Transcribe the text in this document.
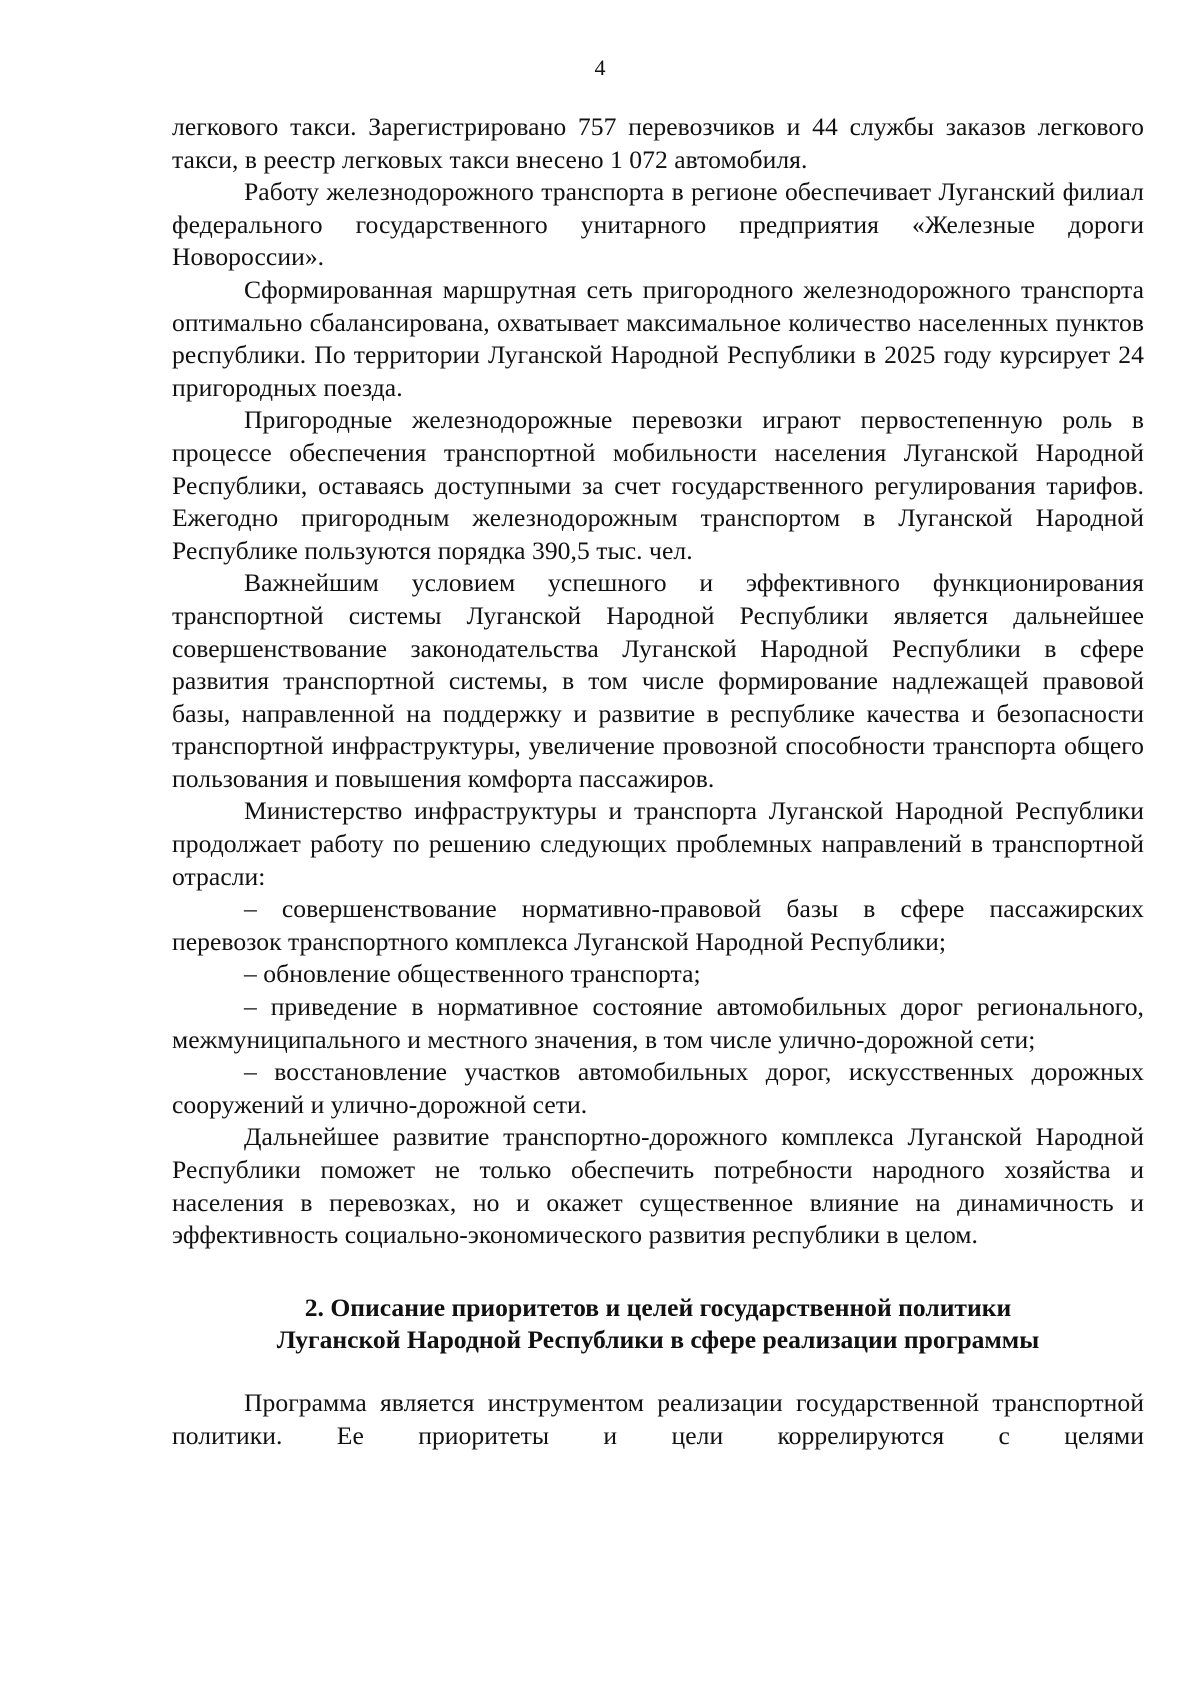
4

легкового такси. Зарегистрировано 757 перевозчиков и 44 службы заказов легкового такси, в реестр легковых такси внесено 1 072 автомобиля.

Работу железнодорожного транспорта в регионе обеспечивает Луганский филиал федерального государственного унитарного предприятия «Железные дороги Новороссии».

Сформированная маршрутная сеть пригородного железнодорожного транспорта оптимально сбалансирована, охватывает максимальное количество населенных пунктов республики. По территории Луганской Народной Республики в 2025 году курсирует 24 пригородных поезда.

Пригородные железнодорожные перевозки играют первостепенную роль в процессе обеспечения транспортной мобильности населения Луганской Народной Республики, оставаясь доступными за счет государственного регулирования тарифов. Ежегодно пригородным железнодорожным транспортом в Луганской Народной Республике пользуются порядка 390,5 тыс. чел.

Важнейшим условием успешного и эффективного функционирования транспортной системы Луганской Народной Республики является дальнейшее совершенствование законодательства Луганской Народной Республики в сфере развития транспортной системы, в том числе формирование надлежащей правовой базы, направленной на поддержку и развитие в республике качества и безопасности транспортной инфраструктуры, увеличение провозной способности транспорта общего пользования и повышения комфорта пассажиров.

Министерство инфраструктуры и транспорта Луганской Народной Республики продолжает работу по решению следующих проблемных направлений в транспортной отрасли:

– совершенствование нормативно-правовой базы в сфере пассажирских перевозок транспортного комплекса Луганской Народной Республики;

– обновление общественного транспорта;

– приведение в нормативное состояние автомобильных дорог регионального, межмуниципального и местного значения, в том числе улично-дорожной сети;

– восстановление участков автомобильных дорог, искусственных дорожных сооружений и улично-дорожной сети.

Дальнейшее развитие транспортно-дорожного комплекса Луганской Народной Республики поможет не только обеспечить потребности народного хозяйства и населения в перевозках, но и окажет существенное влияние на динамичность и эффективность социально-экономического развития республики в целом.

2. Описание приоритетов и целей государственной политики
Луганской Народной Республики в сфере реализации программы

Программа является инструментом реализации государственной транспортной политики. Ее приоритеты и цели коррелируются с целями
